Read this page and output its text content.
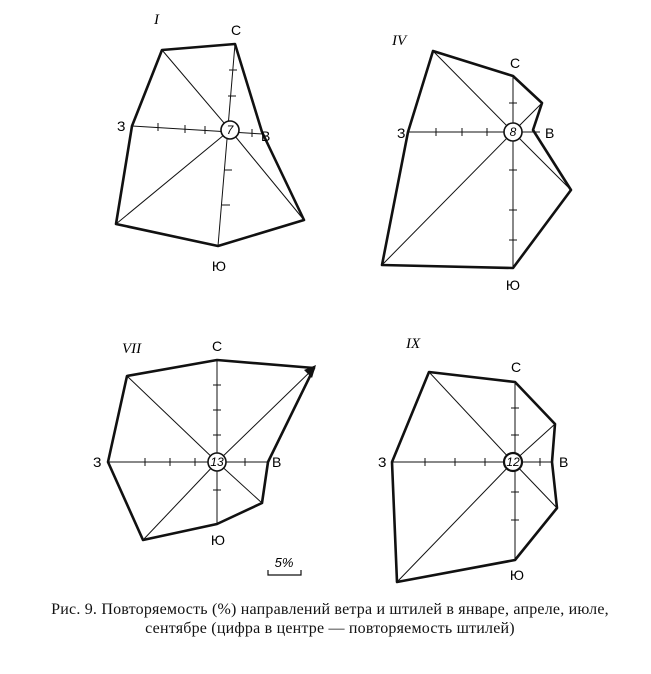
I
7
С
В
Ю
З
IV
8
С
В
Ю
З
VII
13
С
В
Ю
З
IX
12
С
В
Ю
З
5%
Рис. 9. Повторяемость (%) направлений ветра и штилей в январе, апреле, июле, сентябре (цифра в центре — повторяемость штилей)
